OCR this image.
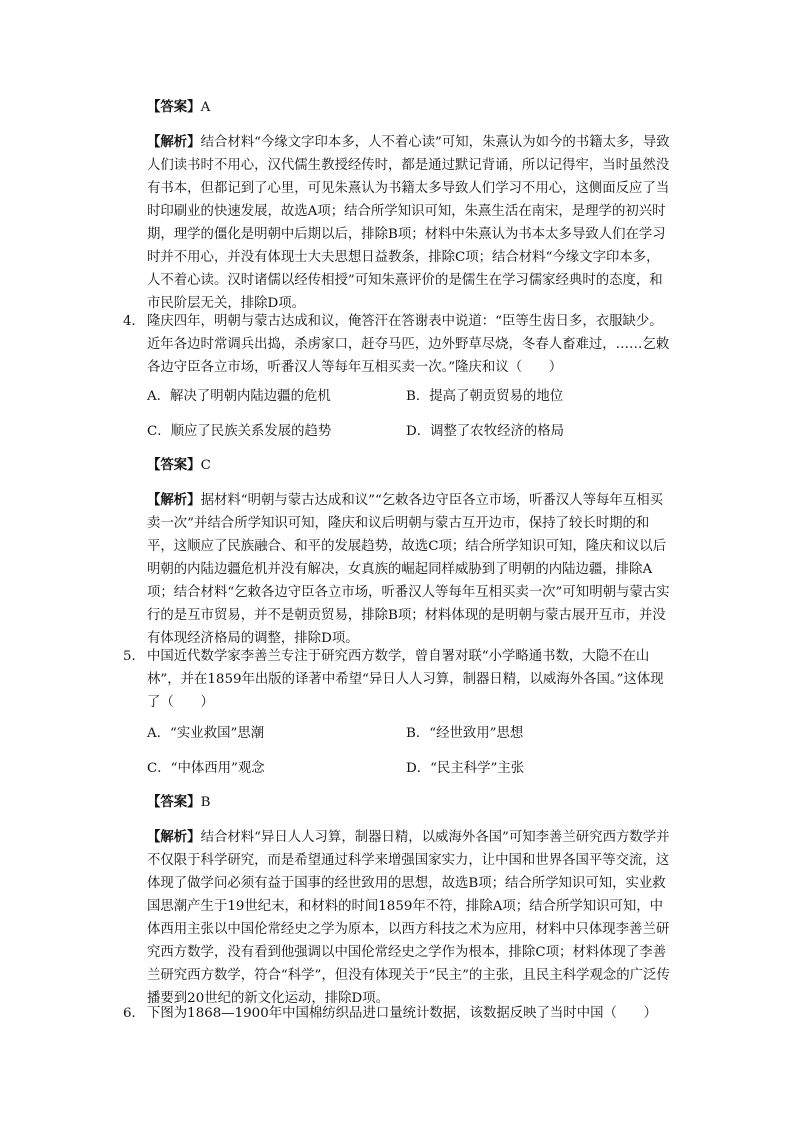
【答案】A

【解析】结合材料“今缘文字印本多，人不着心读”可知，朱熹认为如今的书籍太多，导致人们读书时不用心，汉代儒生教授经传时，都是通过默记背诵，所以记得牢，当时虽然没有书本，但都记到了心里，可见朱熹认为书籍太多导致人们学习不用心，这侧面反应了当时印刷业的快速发展，故选A项；结合所学知识可知，朱熹生活在南宋，是理学的初兴时期，理学的僵化是明朝中后期以后，排除B项；材料中朱熹认为书本太多导致人们在学习时并不用心，并没有体现士大夫思想日益教条，排除C项；结合材料“今缘文字印本多，人不着心读。汉时诸儒以经传相授”可知朱熹评价的是儒生在学习儒家经典时的态度，和市民阶层无关，排除D项。

4． 隆庆四年，明朝与蒙古达成和议，俺答汗在答谢表中说道：“臣等生齿日多，衣服缺少。近年各边时常调兵出捣，杀虏家口，赶夺马匹，边外野草尽烧，冬春人畜难过，……乞敕各边守臣各立市场，听番汉人等每年互相买卖一次。”隆庆和议（　　）
A．解决了明朝内陆边疆的危机	B．提高了朝贡贸易的地位
C．顺应了民族关系发展的趋势	D．调整了农牧经济的格局
【答案】C

【解析】据材料“明朝与蒙古达成和议”“乞敕各边守臣各立市场，听番汉人等每年互相买卖一次”并结合所学知识可知，隆庆和议后明朝与蒙古互开边市，保持了较长时期的和平，这顺应了民族融合、和平的发展趋势，故选C项；结合所学知识可知，隆庆和议以后明朝的内陆边疆危机并没有解决，女真族的崛起同样威胁到了明朝的内陆边疆，排除A项；结合材料“乞敕各边守臣各立市场，听番汉人等每年互相买卖一次”可知明朝与蒙古实行的是互市贸易，并不是朝贡贸易，排除B项；材料体现的是明朝与蒙古展开互市，并没有体现经济格局的调整，排除D项。

5． 中国近代数学家李善兰专注于研究西方数学，曾自署对联“小学略通书数，大隐不在山林”，并在1859年出版的译著中希望“异日人人习算，制器日精，以威海外各国。”这体现了（　　）
A．“实业救国”思潮	B．“经世致用”思想
C．“中体西用”观念	D．“民主科学”主张
【答案】B

【解析】结合材料“异日人人习算，制器日精，以威海外各国”可知李善兰研究西方数学并不仅限于科学研究，而是希望通过科学来增强国家实力，让中国和世界各国平等交流，这体现了做学问必须有益于国事的经世致用的思想，故选B项；结合所学知识可知，实业救国思潮产生于19世纪末，和材料的时间1859年不符，排除A项；结合所学知识可知，中体西用主张以中国伦常经史之学为原本，以西方科技之术为应用，材料中只体现李善兰研究西方数学，没有看到他强调以中国伦常经史之学作为根本，排除C项；材料体现了李善兰研究西方数学，符合“科学”，但没有体现关于“民主”的主张，且民主科学观念的广泛传播要到20世纪的新文化运动，排除D项。

6． 下图为1868—1900年中国棉纺织品进口量统计数据，该数据反映了当时中国（　　）
